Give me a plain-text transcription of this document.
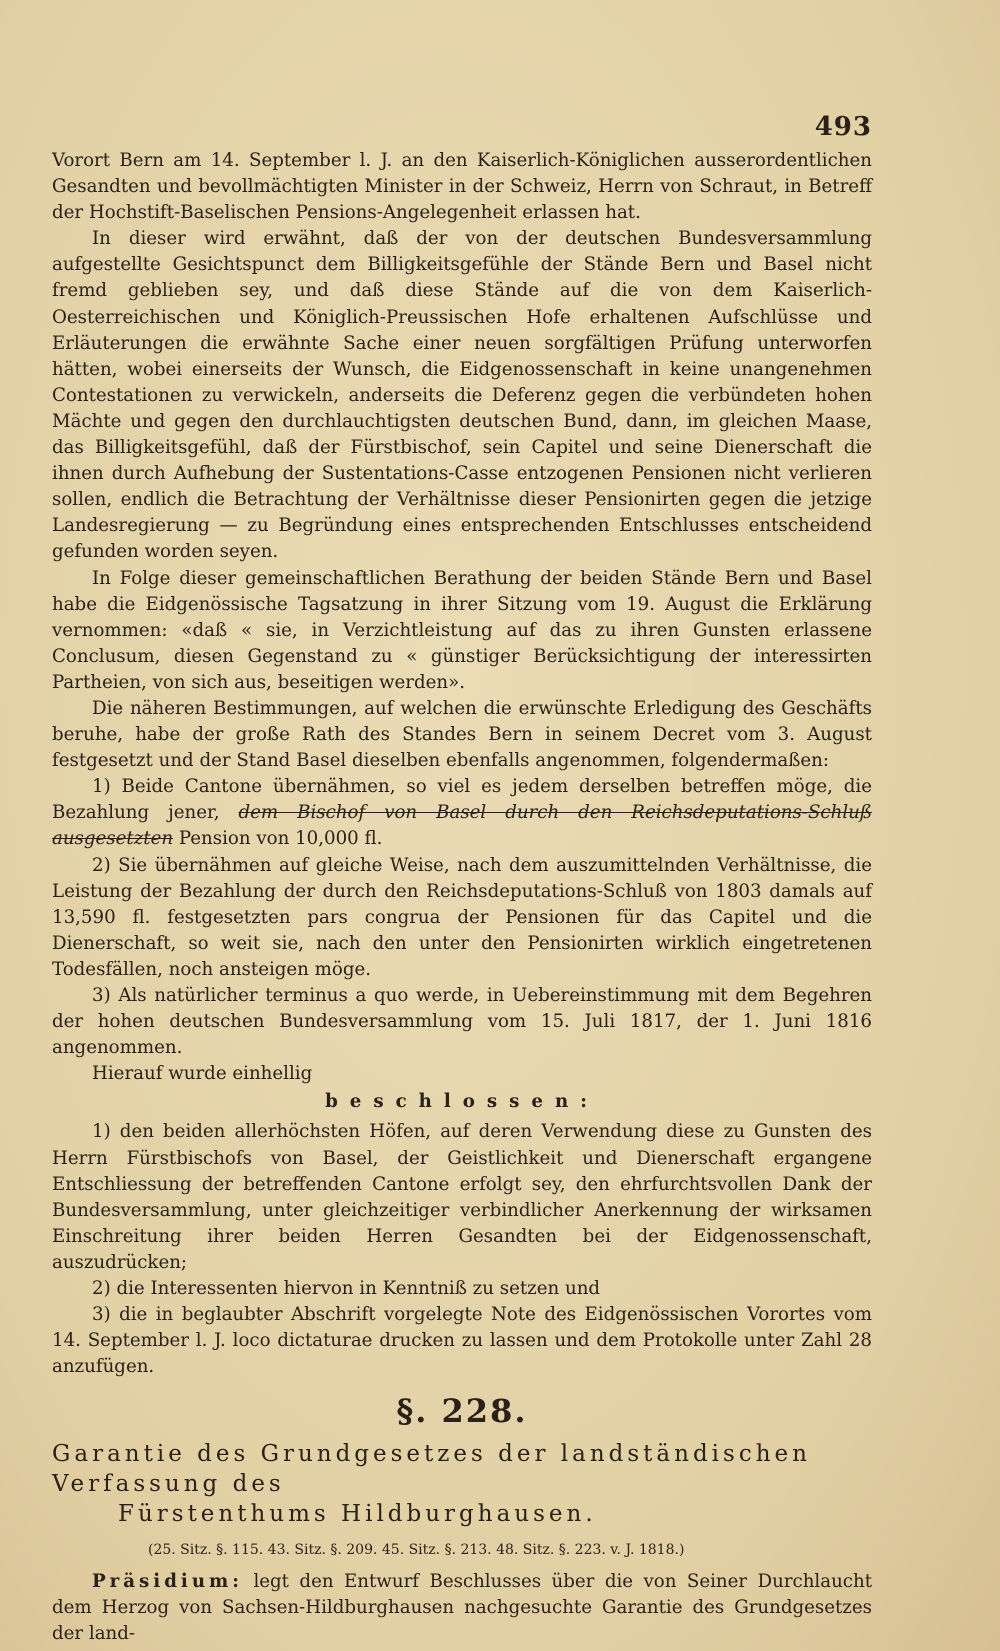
493

Vorort Bern am 14. September l. J. an den Kaiserlich-Königlichen ausserordentlichen Gesandten und bevollmächtigten Minister in der Schweiz, Herrn von Schraut, in Betreff der Hochstift-Baselischen Pensions-Angelegenheit erlassen hat.

In dieser wird erwähnt, daß der von der deutschen Bundesversammlung aufgestellte Gesichtspunct dem Billigkeitsgefühle der Stände Bern und Basel nicht fremd geblieben sey, und daß diese Stände auf die von dem Kaiserlich-Oesterreichischen und Königlich-Preussischen Hofe erhaltenen Aufschlüsse und Erläuterungen die erwähnte Sache einer neuen sorgfältigen Prüfung unterworfen hätten, wobei einerseits der Wunsch, die Eidgenossenschaft in keine unangenehmen Contestationen zu verwickeln, anderseits die Deferenz gegen die verbündeten hohen Mächte und gegen den durchlauchtigsten deutschen Bund, dann, im gleichen Maase, das Billigkeitsgefühl, daß der Fürstbischof, sein Capitel und seine Dienerschaft die ihnen durch Aufhebung der Sustentations-Casse entzogenen Pensionen nicht verlieren sollen, endlich die Betrachtung der Verhältnisse dieser Pensionirten gegen die jetzige Landesregierung — zu Begründung eines entsprechenden Entschlusses entscheidend gefunden worden seyen.

In Folge dieser gemeinschaftlichen Berathung der beiden Stände Bern und Basel habe die Eidgenössische Tagsatzung in ihrer Sitzung vom 19. August die Erklärung vernommen: «daß « sie, in Verzichtleistung auf das zu ihren Gunsten erlassene Conclusum, diesen Gegenstand zu « günstiger Berücksichtigung der interessirten Partheien, von sich aus, beseitigen werden».

Die näheren Bestimmungen, auf welchen die erwünschte Erledigung des Geschäfts beruhe, habe der große Rath des Standes Bern in seinem Decret vom 3. August festgesetzt und der Stand Basel dieselben ebenfalls angenommen, folgendermaßen:

1) Beide Cantone übernähmen, so viel es jedem derselben betreffen möge, die Bezahlung jener, dem Bischof von Basel durch den Reichsdeputations-Schluß ausgesetzten Pension von 10,000 fl.

2) Sie übernähmen auf gleiche Weise, nach dem auszumittelnden Verhältnisse, die Leistung der Bezahlung der durch den Reichsdeputations-Schluß von 1803 damals auf 13,590 fl. festgesetzten pars congrua der Pensionen für das Capitel und die Dienerschaft, so weit sie, nach den unter den Pensionirten wirklich eingetretenen Todesfällen, noch ansteigen möge.

3) Als natürlicher terminus a quo werde, in Uebereinstimmung mit dem Begehren der hohen deutschen Bundesversammlung vom 15. Juli 1817, der 1. Juni 1816 angenommen.

Hierauf wurde einhellig

beschlossen:

1) den beiden allerhöchsten Höfen, auf deren Verwendung diese zu Gunsten des Herrn Fürstbischofs von Basel, der Geistlichkeit und Dienerschaft ergangene Entschliessung der betreffenden Cantone erfolgt sey, den ehrfurchtsvollen Dank der Bundesversammlung, unter gleichzeitiger verbindlicher Anerkennung der wirksamen Einschreitung ihrer beiden Herren Gesandten bei der Eidgenossenschaft, auszudrücken;

2) die Interessenten hiervon in Kenntniß zu setzen und

3) die in beglaubter Abschrift vorgelegte Note des Eidgenössischen Vorortes vom 14. September l. J. loco dictaturae drucken zu lassen und dem Protokolle unter Zahl 28 anzufügen.

§. 228.

Garantie des Grundgesetzes der landständischen Verfassung des
Fürstenthums Hildburghausen.

(25. Sitz. §. 115. 43. Sitz. §. 209. 45. Sitz. §. 213. 48. Sitz. §. 223. v. J. 1818.)

Präsidium: legt den Entwurf Beschlusses über die von Seiner Durchlaucht dem Herzog von Sachsen-Hildburghausen nachgesuchte Garantie des Grundgesetzes der land-
